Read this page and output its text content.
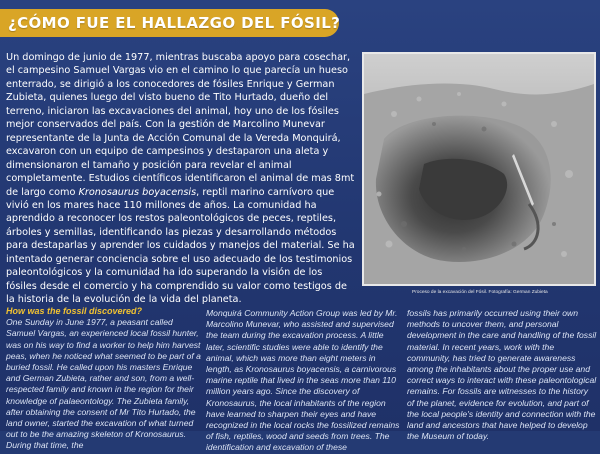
¿CÓMO FUE EL HALLAZGO DEL FÓSIL?

Un domingo de junio de 1977, mientras buscaba apoyo para cosechar, el campesino Samuel Vargas vio en el camino lo que parecía un hueso enterrado, se dirigió a los conocedores de fósiles Enrique y German Zubieta, quienes luego del visto bueno de Tito Hurtado, dueño del terreno, iniciaron las excavaciones del animal, hoy uno de los fósiles mejor conservados del país. Con la gestión de Marcolino Munevar representante de la Junta de Acción Comunal de la Vereda Monquirá, excavaron con un equipo de campesinos y destaparon una aleta y dimensionaron el tamaño y posición para revelar el animal completamente. Estudios científicos identificaron el animal de mas 8mt de largo como Kronosaurus boyacensis, reptil marino carnívoro que vivió en los mares hace 110 millones de años. La comunidad ha aprendido a reconocer los restos paleontológicos de peces, reptiles, árboles y semillas, identificando las piezas y desarrollando métodos para destaparlas y aprender los cuidados y manejos del material. Se ha intentado generar conciencia sobre el uso adecuado de los testimonios paleontológicos y la comunidad ha ido superando la visión de los fósiles desde el comercio y ha comprendido su valor como testigos de la historia de la evolución de la vida del planeta.

Proceso de la excavación del Fósil. Fotografía: German Zubieta

How was the fossil discovered?

One Sunday in June 1977, a peasant called Samuel Vargas, an experienced local fossil hunter, was on his way to find a worker to help him harvest peas, when he noticed what seemed to be part of a buried fossil. He called upon his masters Enrique and German Zubieta, rather and son, from a well-respected family and known in the region for their knowledge of palaeontology. The Zubieta family, after obtaining the consent of Mr Tito Hurtado, the land owner, started the excavation of what turned out to be the amazing skeleton of Kronosaurus. During that time, the

Monquirá Community Action Group was led by Mr. Marcolino Munevar, who assisted and supervised the team during the excavation process. A little later, scientific studies were able to identify the animal, which was more than eight meters in length, as Kronosaurus boyacensis, a carnivorous marine reptile that lived in the seas more than 110 million years ago. Since the discovery of Kronosaurus, the local inhabitants of the region have learned to sharpen their eyes and have recognized in the local rocks the fossilized remains of fish, reptiles, wood and seeds from trees. The identification and excavation of these

fossils has primarily occurred using their own methods to uncover them, and personal development in the care and handling of the fossil material. In recent years, work with the community, has tried to generate awareness among the inhabitants about the proper use and correct ways to interact with these paleontological remains. For fossils are witnesses to the history of the planet, evidence for evolution, and part of the local people's identity and connection with the land and ancestors that have helped to develop the Museum of today.
